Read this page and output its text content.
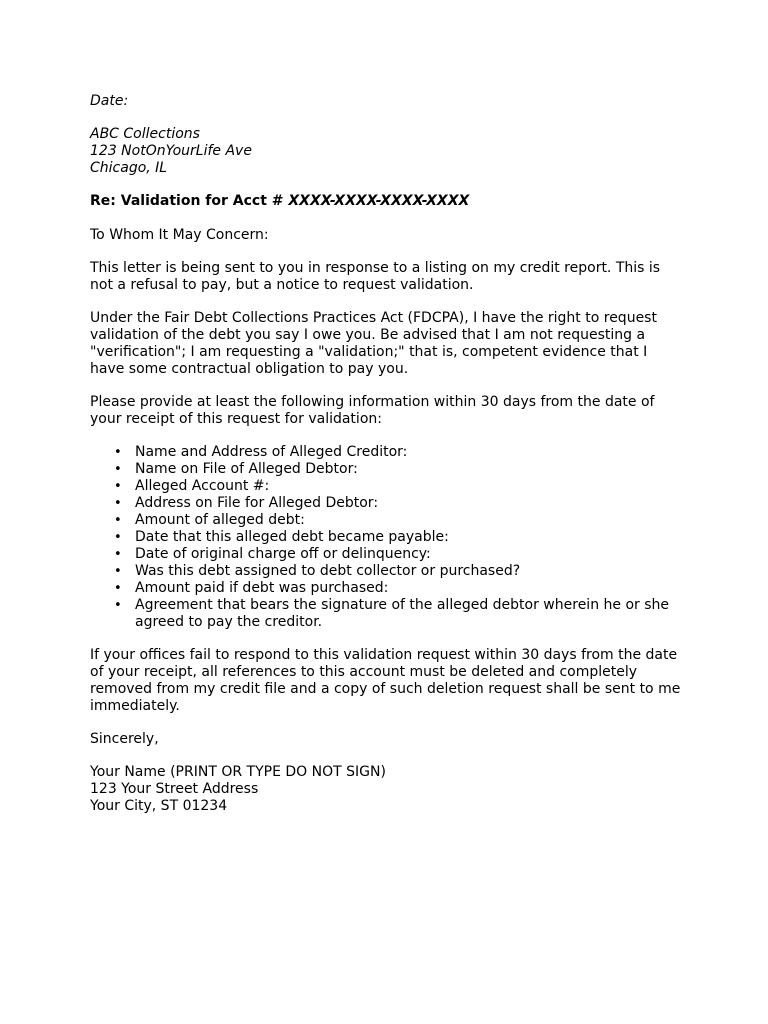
Date:
ABC Collections
123 NotOnYourLife Ave
Chicago, IL
Re: Validation for Acct # XXXX-XXXX-XXXX-XXXX
To Whom It May Concern:
This letter is being sent to you in response to a listing on my credit report. This is
not a refusal to pay, but a notice to request validation.
Under the Fair Debt Collections Practices Act (FDCPA), I have the right to request
validation of the debt you say I owe you. Be advised that I am not requesting a
"verification"; I am requesting a "validation;" that is, competent evidence that I
have some contractual obligation to pay you.
Please provide at least the following information within 30 days from the date of
your receipt of this request for validation:
• Name and Address of Alleged Creditor:
• Name on File of Alleged Debtor:
• Alleged Account #:
• Address on File for Alleged Debtor:
• Amount of alleged debt:
• Date that this alleged debt became payable:
• Date of original charge off or delinquency:
• Was this debt assigned to debt collector or purchased?
• Amount paid if debt was purchased:
• Agreement that bears the signature of the alleged debtor wherein he or she
agreed to pay the creditor.
If your offices fail to respond to this validation request within 30 days from the date
of your receipt, all references to this account must be deleted and completely
removed from my credit file and a copy of such deletion request shall be sent to me
immediately.
Sincerely,
Your Name (PRINT OR TYPE DO NOT SIGN)
123 Your Street Address
Your City, ST 01234
